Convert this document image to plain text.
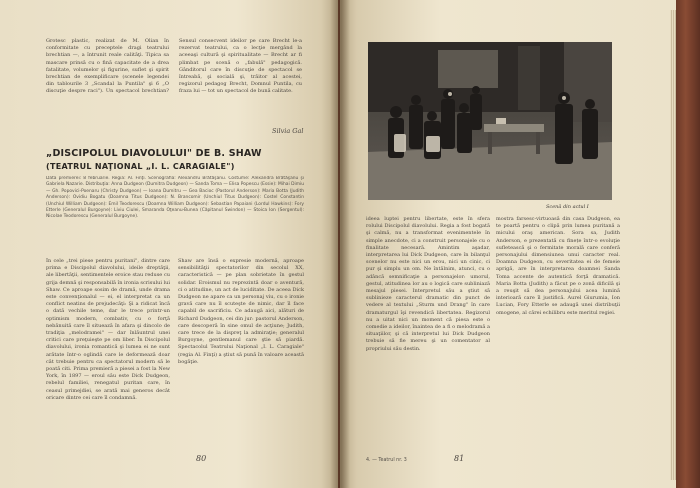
Grotesc plastic, realizat de M. Olian în conformitate cu preceptele dragi teatrului brechtian —, a întrunit reale calităţi. Tipica sa mascare prinsă cu o fină capacitate de a drea fatalitate, volumelor şi figurine, suflet şi spirit brechtian de exemplificare (scenele legendei din tablourile 3 „Scandal la Puntila" şi 6 „O discuţie despre raci"). Un spectacol brechtian? Sensul consecvent ideilor pe care Brecht le-a rezervat teatrului, ca o lecţie mergând la aceeaşi cultură şi spiritualitate — Brecht ar fi plimbat pe scenă o „fabulă" pedagogică. Gânditorul care în discuţie de spectacol se întreabă, şi socială şi, trăitor al acestei, regizorul pedagog Brecht, Domnul Puntila, cu fraza lui — tot un spectacol de bună calitate.
Silvia Gal
„DISCIPOLUL DIAVOLULUI" DE B. SHAW
(TEATRUL NAŢIONAL „I. L. CARAGIALE")
Data premierei: 8 februarie. Regia: Al. Finţi. Scenografia: Alexandru Brătăşanu. Costume: Alexandra Brătăşanu şi Gabriela Nazarie. Distribuţia: Anna Dudgeon (Dumitra Dudgeon) — Sanda Toma — Elisa Popescu (Essie): Mihai Dimiu — Gh. Popovici-Poenaru (Christy Dudgeon) — Ioana Dumitru — Gea Bacioc (Pastorul Anderson): Maria Botta (Judith Anderson): Ovidiu Bogatu (Doamna Titus Dudgeon): N. Brancomir (Unchiul Titus Dudgeon): Costel Constantin (Unchiul William Dudgeon): Emil Teodorescu (Doamna William Dudgeon): Sebastian Papaiani (Lordul Hawkins): Fory Etterle (Generalul Burgoyne): Liviu Ciulei, Smaranda Oţeanu-Bunea (Căpitanul Swindon) — Stoica Ion (Sergentul): Nicolae Teodorescu (Generalul Burgoyne).
În cele „trei piese pentru puritani", dintre care prima e Discipolul diavolului, ideile dreptăţii, ale libertăţii, sentimentele eroice stau reduse cu grija demnă şi responsabilă în ironia scrisului lui Shaw. Ce aproape sosim de dramă, unde drama este convenţionalul — ei, el interpretat ca un conflict neatins de prejudecăţi: Şi a ridicat încă o dată vechile teme, dar le trece printr-un optimism modern, combativ, cu o forţă nebănuită care îl situează în afara şi dincolo de tradiţia „melodramei" — dar înlăuntrul unei critici care preţuieşte pe om liber. În Discipolul diavolului, ironia romantică şi lumea ei ne sunt arătate într-o oglindă care le deformează doar cât trebuie pentru ca spectatorul modern să le poată citi. Prima premieră a piesei a fost la New York, în 1897 — eroul său este Dick Dudgeon, rebelul familiei, renegatul puritan care, în ceasul primejdiei, se arată mai generos decât oricare dintre cei care îl condamnă.
Shaw are însă o expresie modernă, aproape sensibilităţii spectatorilor din secolul XX, caracteristică — pe plan sobrietate în gestul solidar. Eroismul nu reprezintă doar o aventură, ci o atitudine, un act de luciditate. De aceea Dick Dudgeon ne apare ca un personaj viu, cu o ironie gravă care nu îl scuteşte de nimic, dar îl face capabil de sacrificiu. Ce adaugă aici, alături de Richard Dudgeon, cei din jur: pastorul Anderson, care descoperă în sine omul de acţiune; Judith, care trece de la dispreţ la admiraţie; generalul Burgoyne, gentlemanul care ştie să piardă. Spectacolul Teatrului Naţional „I. L. Caragiale" (regia Al. Finţi) a ştiut să pună în valoare această bogăţie.
80
Scenă din actul I
ideea luptei pentru libertate, este în sfera rolului Discipolul diavolului. Regia a fost bogată şi calmă, nu a transformat evenimentele în simple anecdote, ci a construit personajele cu o finalitate necesară. Amintim aşadar, interpretarea lui Dick Dudgeon, care în bilanţul scenelor nu este nici un erou, nici un cinic, ci pur şi simplu un om. Ne întâlnim, atunci, cu o adâncă semnificaţie a personajelor: umorul, gestul, atitudinea lor au o logică care subliniază mesajul piesei. Interpretul său a ştiut să sublinieze caracterul dramatic din punct de vedere al textului „Sturm und Drang" în care dramaturgul îşi revendică libertatea. Regizorul nu a uitat nici un moment că piesa este o comedie a ideilor, înaintea de a fi o melodramă a situaţiilor, şi că interpretul lui Dick Dudgeon trebuie să fie mereu şi un comentator al propriului său destin.
mostra farsesc-virtuoasă din casa Dudgeon, ea te poartă pentru o clipă prin lumea puritană a micului oraş american. Sora sa, Judith Anderson, e prezentată cu finețe într-o evoluţie sufletească şi o fermitate morală care conferă personajului dimensiunea unui caracter real. Doamna Dudgeon, cu severitatea ei de femeie aprigă, are în interpretarea doamnei Sanda Toma accente de autentică forţă dramatică. Maria Botta (Judith) a făcut pe o zonă dificilă şi a reuşit să dea personajului acea lumină interioară care îl justifică. Aurel Giurumia, Ion Lucian, Fory Etterle se adaugă unei distribuţii omogene, al cărei echilibru este meritul regiei.
4. — Teatrul nr. 3	81
